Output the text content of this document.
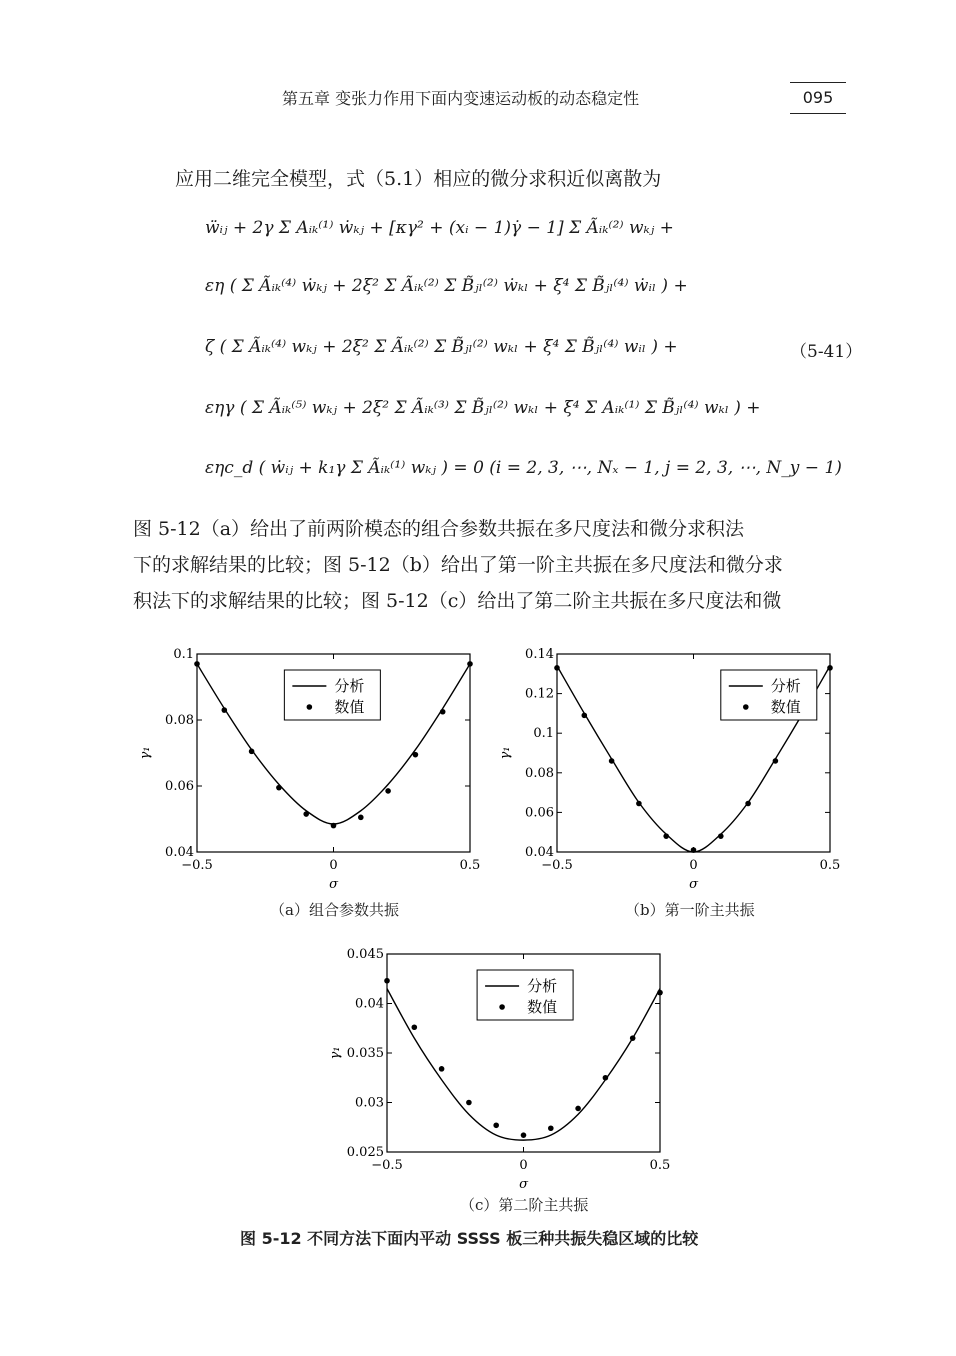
第五章 变张力作用下面内变速运动板的动态稳定性	095
应用二维完全模型，式（5.1）相应的微分求积近似离散为
ẅᵢⱼ + 2γ Σ Aᵢₖ⁽¹⁾ ẇₖⱼ + [κγ² + (xᵢ − 1)γ̇ − 1] Σ Ãᵢₖ⁽²⁾ wₖⱼ +
εη ( Σ Ãᵢₖ⁽⁴⁾ ẇₖⱼ + 2ξ² Σ Ãᵢₖ⁽²⁾ Σ B̃ⱼₗ⁽²⁾ ẇₖₗ + ξ⁴ Σ B̃ⱼₗ⁽⁴⁾ ẇᵢₗ ) +
ζ ( Σ Ãᵢₖ⁽⁴⁾ wₖⱼ + 2ξ² Σ Ãᵢₖ⁽²⁾ Σ B̃ⱼₗ⁽²⁾ wₖₗ + ξ⁴ Σ B̃ⱼₗ⁽⁴⁾ wᵢₗ ) +
εηγ ( Σ Ãᵢₖ⁽⁵⁾ wₖⱼ + 2ξ² Σ Ãᵢₖ⁽³⁾ Σ B̃ⱼₗ⁽²⁾ wₖₗ + ξ⁴ Σ Aᵢₖ⁽¹⁾ Σ B̃ⱼₗ⁽⁴⁾ wₖₗ ) +
εηc_d ( ẇᵢⱼ + k₁γ Σ Ãᵢₖ⁽¹⁾ wₖⱼ ) = 0 (i = 2, 3, ⋯, Nₓ − 1, j = 2, 3, ⋯, N_y − 1)
（5-41）
图 5-12（a）给出了前两阶模态的组合参数共振在多尺度法和微分求积法
下的求解结果的比较；图 5-12（b）给出了第一阶主共振在多尺度法和微分求
积法下的求解结果的比较；图 5-12（c）给出了第二阶主共振在多尺度法和微
0.04
0.06
0.08
0.1
−0.5	0	0.5
σ
γ₁
分析
数值
0.04
0.06
0.08
0.1
0.12
0.14
−0.5	0	0.5
σ
γ₁
分析
数值
0.025
0.03
0.035
0.04
0.045
−0.5	0	0.5
σ
γ₁
分析
数值
（a）组合参数共振	（b）第一阶主共振
（c）第二阶主共振
图 5-12 不同方法下面内平动 SSSS 板三种共振失稳区域的比较
